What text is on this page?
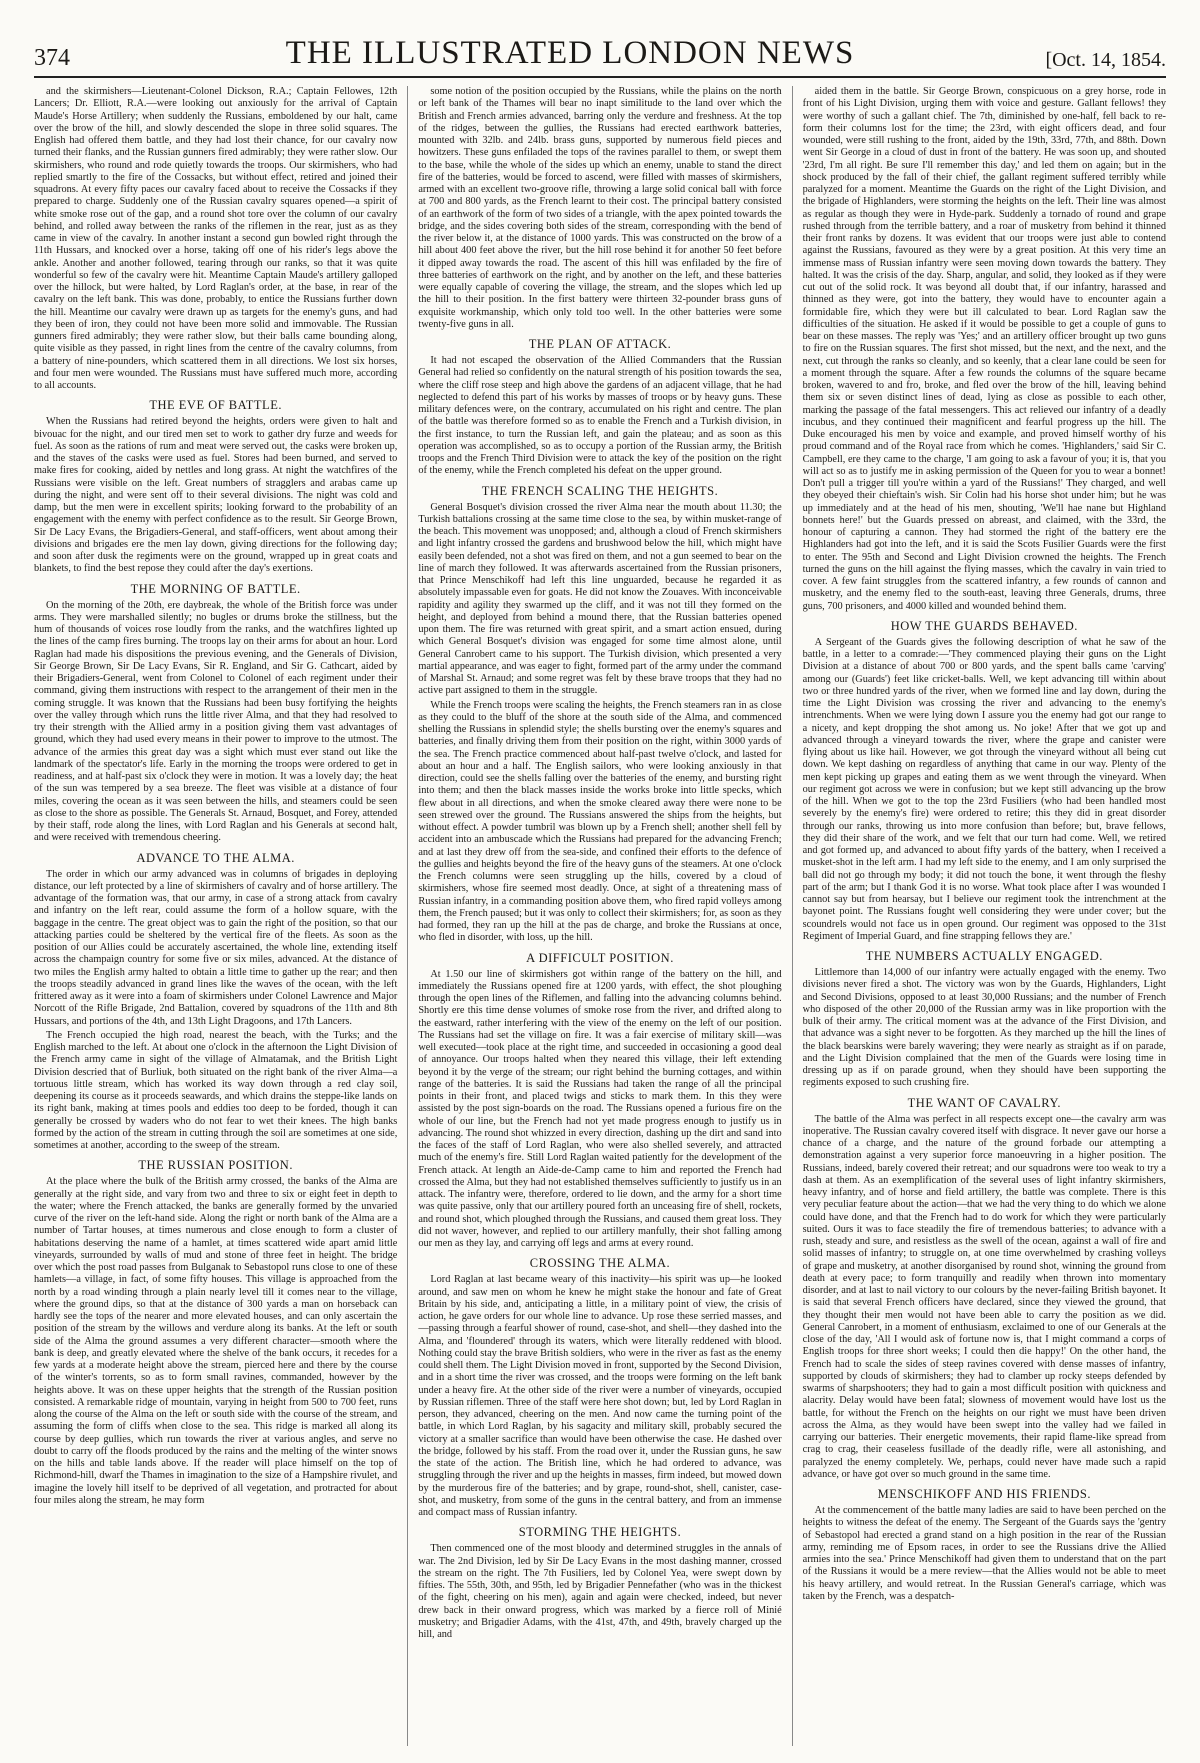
374	THE ILLUSTRATED LONDON NEWS	[Oct. 14, 1854.

and the skirmishers—Lieutenant-Colonel Dickson, R.A.; Captain Fellowes, 12th Lancers; Dr. Elliott, R.A.—were looking out anxiously for the arrival of Captain Maude's Horse Artillery; when suddenly the Russians, emboldened by our halt, came over the brow of the hill, and slowly descended the slope in three solid squares. The English had offered them battle, and they had lost their chance, for our cavalry now turned their flanks, and the Russian gunners fired admirably; they were rather slow. Our skirmishers, who round and rode quietly towards the troops. Our skirmishers, who had replied smartly to the fire of the Cossacks, but without effect, retired and joined their squadrons. At every fifty paces our cavalry faced about to receive the Cossacks if they prepared to charge. Suddenly one of the Russian cavalry squares opened—a spirit of white smoke rose out of the gap, and a round shot tore over the column of our cavalry behind, and rolled away between the ranks of the riflemen in the rear, just as as they came in view of the cavalry. In another instant a second gun bowled right through the 11th Hussars, and knocked over a horse, taking off one of his rider's legs above the ankle. Another and another followed, tearing through our ranks, so that it was quite wonderful so few of the cavalry were hit. Meantime Captain Maude's artillery galloped over the hillock, but were halted, by Lord Raglan's order, at the base, in rear of the cavalry on the left bank. This was done, probably, to entice the Russians further down the hill. Meantime our cavalry were drawn up as targets for the enemy's guns, and had they been of iron, they could not have been more solid and immovable. The Russian gunners fired admirably; they were rather slow, but their balls came bounding along, quite visible as they passed, in right lines from the centre of the cavalry columns, from a battery of nine-pounders, which scattered them in all directions. We lost six horses, and four men were wounded. The Russians must have suffered much more, according to all accounts.

THE EVE OF BATTLE.

When the Russians had retired beyond the heights, orders were given to halt and bivouac for the night, and our tired men set to work to gather dry furze and weeds for fuel. As soon as the rations of rum and meat were served out, the casks were broken up, and the staves of the casks were used as fuel. Stores had been burned, and served to make fires for cooking, aided by nettles and long grass. At night the watchfires of the Russians were visible on the left. Great numbers of stragglers and arabas came up during the night, and were sent off to their several divisions. The night was cold and damp, but the men were in excellent spirits; looking forward to the probability of an engagement with the enemy with perfect confidence as to the result. Sir George Brown, Sir De Lacy Evans, the Brigadiers-General, and staff-officers, went about among their divisions and brigades ere the men lay down, giving directions for the following day; and soon after dusk the regiments were on the ground, wrapped up in great coats and blankets, to find the best repose they could after the day's exertions.

THE MORNING OF BATTLE.

On the morning of the 20th, ere daybreak, the whole of the British force was under arms. They were marshalled silently; no bugles or drums broke the stillness, but the hum of thousands of voices rose loudly from the ranks, and the watchfires lighted up the lines of the camp fires burning. The troops lay on their arms for about an hour. Lord Raglan had made his dispositions the previous evening, and the Generals of Division, Sir George Brown, Sir De Lacy Evans, Sir R. England, and Sir G. Cathcart, aided by their Brigadiers-General, went from Colonel to Colonel of each regiment under their command, giving them instructions with respect to the arrangement of their men in the coming struggle. It was known that the Russians had been busy fortifying the heights over the valley through which runs the little river Alma, and that they had resolved to try their strength with the Allied army in a position giving them vast advantages of ground, which they had used every means in their power to improve to the utmost. The advance of the armies this great day was a sight which must ever stand out like the landmark of the spectator's life. Early in the morning the troops were ordered to get in readiness, and at half-past six o'clock they were in motion. It was a lovely day; the heat of the sun was tempered by a sea breeze. The fleet was visible at a distance of four miles, covering the ocean as it was seen between the hills, and steamers could be seen as close to the shore as possible. The Generals St. Arnaud, Bosquet, and Forey, attended by their staff, rode along the lines, with Lord Raglan and his Generals at second halt, and were received with tremendous cheering.

ADVANCE TO THE ALMA.

The order in which our army advanced was in columns of brigades in deploying distance, our left protected by a line of skirmishers of cavalry and of horse artillery. The advantage of the formation was, that our army, in case of a strong attack from cavalry and infantry on the left rear, could assume the form of a hollow square, with the baggage in the centre. The great object was to gain the right of the position, so that our attacking parties could be sheltered by the vertical fire of the fleets. As soon as the position of our Allies could be accurately ascertained, the whole line, extending itself across the champaign country for some five or six miles, advanced. At the distance of two miles the English army halted to obtain a little time to gather up the rear; and then the troops steadily advanced in grand lines like the waves of the ocean, with the left frittered away as it were into a foam of skirmishers under Colonel Lawrence and Major Norcott of the Rifle Brigade, 2nd Battalion, covered by squadrons of the 11th and 8th Hussars, and portions of the 4th, and 13th Light Dragoons, and 17th Lancers.

The French occupied the high road, nearest the beach, with the Turks; and the English marched to the left. At about one o'clock in the afternoon the Light Division of the French army came in sight of the village of Almatamak, and the British Light Division descried that of Burliuk, both situated on the right bank of the river Alma—a tortuous little stream, which has worked its way down through a red clay soil, deepening its course as it proceeds seawards, and which drains the steppe-like lands on its right bank, making at times pools and eddies too deep to be forded, though it can generally be crossed by waders who do not fear to wet their knees. The high banks formed by the action of the stream in cutting through the soil are sometimes at one side, sometimes at another, according to the sweep of the stream.

THE RUSSIAN POSITION.

At the place where the bulk of the British army crossed, the banks of the Alma are generally at the right side, and vary from two and three to six or eight feet in depth to the water; where the French attacked, the banks are generally formed by the unvaried curve of the river on the left-hand side. Along the right or north bank of the Alma are a number of Tartar houses, at times numerous and close enough to form a cluster of habitations deserving the name of a hamlet, at times scattered wide apart amid little vineyards, surrounded by walls of mud and stone of three feet in height. The bridge over which the post road passes from Bulganak to Sebastopol runs close to one of these hamlets—a village, in fact, of some fifty houses. This village is approached from the north by a road winding through a plain nearly level till it comes near to the village, where the ground dips, so that at the distance of 300 yards a man on horseback can hardly see the tops of the nearer and more elevated houses, and can only ascertain the position of the stream by the willows and verdure along its banks. At the left or south side of the Alma the ground assumes a very different character—smooth where the bank is deep, and greatly elevated where the shelve of the bank occurs, it recedes for a few yards at a moderate height above the stream, pierced here and there by the course of the winter's torrents, so as to form small ravines, commanded, however by the heights above. It was on these upper heights that the strength of the Russian position consisted. A remarkable ridge of mountain, varying in height from 500 to 700 feet, runs along the course of the Alma on the left or south side with the course of the stream, and assuming the form of cliffs when close to the sea. This ridge is marked all along its course by deep gullies, which run towards the river at various angles, and serve no doubt to carry off the floods produced by the rains and the melting of the winter snows on the hills and table lands above. If the reader will place himself on the top of Richmond-hill, dwarf the Thames in imagination to the size of a Hampshire rivulet, and imagine the lovely hill itself to be deprived of all vegetation, and protracted for about four miles along the stream, he may form

some notion of the position occupied by the Russians, while the plains on the north or left bank of the Thames will bear no inapt similitude to the land over which the British and French armies advanced, barring only the verdure and freshness. At the top of the ridges, between the gullies, the Russians had erected earthwork batteries, mounted with 32lb. and 24lb. brass guns, supported by numerous field pieces and howitzers. These guns enfiladed the tops of the ravines parallel to them, or swept them to the base, while the whole of the sides up which an enemy, unable to stand the direct fire of the batteries, would be forced to ascend, were filled with masses of skirmishers, armed with an excellent two-groove rifle, throwing a large solid conical ball with force at 700 and 800 yards, as the French learnt to their cost. The principal battery consisted of an earthwork of the form of two sides of a triangle, with the apex pointed towards the bridge, and the sides covering both sides of the stream, corresponding with the bend of the river below it, at the distance of 1000 yards. This was constructed on the brow of a hill about 400 feet above the river, but the hill rose behind it for another 50 feet before it dipped away towards the road. The ascent of this hill was enfiladed by the fire of three batteries of earthwork on the right, and by another on the left, and these batteries were equally capable of covering the village, the stream, and the slopes which led up the hill to their position. In the first battery were thirteen 32-pounder brass guns of exquisite workmanship, which only told too well. In the other batteries were some twenty-five guns in all.

THE PLAN OF ATTACK.

It had not escaped the observation of the Allied Commanders that the Russian General had relied so confidently on the natural strength of his position towards the sea, where the cliff rose steep and high above the gardens of an adjacent village, that he had neglected to defend this part of his works by masses of troops or by heavy guns. These military defences were, on the contrary, accumulated on his right and centre. The plan of the battle was therefore formed so as to enable the French and a Turkish division, in the first instance, to turn the Russian left, and gain the plateau; and as soon as this operation was accomplished, so as to occupy a portion of the Russian army, the British troops and the French Third Division were to attack the key of the position on the right of the enemy, while the French completed his defeat on the upper ground.

THE FRENCH SCALING THE HEIGHTS.

General Bosquet's division crossed the river Alma near the mouth about 11.30; the Turkish battalions crossing at the same time close to the sea, by within musket-range of the beach. This movement was unopposed; and, although a cloud of French skirmishers and light infantry crossed the gardens and brushwood below the hill, which might have easily been defended, not a shot was fired on them, and not a gun seemed to bear on the line of march they followed. It was afterwards ascertained from the Russian prisoners, that Prince Menschikoff had left this line unguarded, because he regarded it as absolutely impassable even for goats. He did not know the Zouaves. With inconceivable rapidity and agility they swarmed up the cliff, and it was not till they formed on the height, and deployed from behind a mound there, that the Russian batteries opened upon them. The fire was returned with great spirit, and a smart action ensued, during which General Bosquet's division was engaged for some time almost alone, until General Canrobert came to his support. The Turkish division, which presented a very martial appearance, and was eager to fight, formed part of the army under the command of Marshal St. Arnaud; and some regret was felt by these brave troops that they had no active part assigned to them in the struggle.

While the French troops were scaling the heights, the French steamers ran in as close as they could to the bluff of the shore at the south side of the Alma, and commenced shelling the Russians in splendid style; the shells bursting over the enemy's squares and batteries, and finally driving them from their position on the right, within 3000 yards of the sea. The French practice commenced about half-past twelve o'clock, and lasted for about an hour and a half. The English sailors, who were looking anxiously in that direction, could see the shells falling over the batteries of the enemy, and bursting right into them; and then the black masses inside the works broke into little specks, which flew about in all directions, and when the smoke cleared away there were none to be seen strewed over the ground. The Russians answered the ships from the heights, but without effect. A powder tumbril was blown up by a French shell; another shell fell by accident into an ambuscade which the Russians had prepared for the advancing French; and at last they drew off from the sea-side, and confined their efforts to the defence of the gullies and heights beyond the fire of the heavy guns of the steamers. At one o'clock the French columns were seen struggling up the hills, covered by a cloud of skirmishers, whose fire seemed most deadly. Once, at sight of a threatening mass of Russian infantry, in a commanding position above them, who fired rapid volleys among them, the French paused; but it was only to collect their skirmishers; for, as soon as they had formed, they ran up the hill at the pas de charge, and broke the Russians at once, who fled in disorder, with loss, up the hill.

A DIFFICULT POSITION.

At 1.50 our line of skirmishers got within range of the battery on the hill, and immediately the Russians opened fire at 1200 yards, with effect, the shot ploughing through the open lines of the Riflemen, and falling into the advancing columns behind. Shortly ere this time dense volumes of smoke rose from the river, and drifted along to the eastward, rather interfering with the view of the enemy on the left of our position. The Russians had set the village on fire. It was a fair exercise of military skill—was well executed—took place at the right time, and succeeded in occasioning a good deal of annoyance. Our troops halted when they neared this village, their left extending beyond it by the verge of the stream; our right behind the burning cottages, and within range of the batteries. It is said the Russians had taken the range of all the principal points in their front, and placed twigs and sticks to mark them. In this they were assisted by the post sign-boards on the road. The Russians opened a furious fire on the whole of our line, but the French had not yet made progress enough to justify us in advancing. The round shot whizzed in every direction, dashing up the dirt and sand into the faces of the staff of Lord Raglan, who were also shelled severely, and attracted much of the enemy's fire. Still Lord Raglan waited patiently for the development of the French attack. At length an Aide-de-Camp came to him and reported the French had crossed the Alma, but they had not established themselves sufficiently to justify us in an attack. The infantry were, therefore, ordered to lie down, and the army for a short time was quite passive, only that our artillery poured forth an unceasing fire of shell, rockets, and round shot, which ploughed through the Russians, and caused them great loss. They did not waver, however, and replied to our artillery manfully, their shot falling among our men as they lay, and carrying off legs and arms at every round.

CROSSING THE ALMA.

Lord Raglan at last became weary of this inactivity—his spirit was up—he looked around, and saw men on whom he knew he might stake the honour and fate of Great Britain by his side, and, anticipating a little, in a military point of view, the crisis of action, he gave orders for our whole line to advance. Up rose these serried masses, and—passing through a fearful shower of round, case-shot, and shell—they dashed into the Alma, and 'floundered' through its waters, which were literally reddened with blood. Nothing could stay the brave British soldiers, who were in the river as fast as the enemy could shell them. The Light Division moved in front, supported by the Second Division, and in a short time the river was crossed, and the troops were forming on the left bank under a heavy fire. At the other side of the river were a number of vineyards, occupied by Russian riflemen. Three of the staff were here shot down; but, led by Lord Raglan in person, they advanced, cheering on the men. And now came the turning point of the battle, in which Lord Raglan, by his sagacity and military skill, probably secured the victory at a smaller sacrifice than would have been otherwise the case. He dashed over the bridge, followed by his staff. From the road over it, under the Russian guns, he saw the state of the action. The British line, which he had ordered to advance, was struggling through the river and up the heights in masses, firm indeed, but mowed down by the murderous fire of the batteries; and by grape, round-shot, shell, canister, case-shot, and musketry, from some of the guns in the central battery, and from an immense and compact mass of Russian infantry.

STORMING THE HEIGHTS.

Then commenced one of the most bloody and determined struggles in the annals of war. The 2nd Division, led by Sir De Lacy Evans in the most dashing manner, crossed the stream on the right. The 7th Fusiliers, led by Colonel Yea, were swept down by fifties. The 55th, 30th, and 95th, led by Brigadier Pennefather (who was in the thickest of the fight, cheering on his men), again and again were checked, indeed, but never drew back in their onward progress, which was marked by a fierce roll of Minié musketry; and Brigadier Adams, with the 41st, 47th, and 49th, bravely charged up the hill, and

aided them in the battle. Sir George Brown, conspicuous on a grey horse, rode in front of his Light Division, urging them with voice and gesture. Gallant fellows! they were worthy of such a gallant chief. The 7th, diminished by one-half, fell back to re-form their columns lost for the time; the 23rd, with eight officers dead, and four wounded, were still rushing to the front, aided by the 19th, 33rd, 77th, and 88th. Down went Sir George in a cloud of dust in front of the battery. He was soon up, and shouted '23rd, I'm all right. Be sure I'll remember this day,' and led them on again; but in the shock produced by the fall of their chief, the gallant regiment suffered terribly while paralyzed for a moment. Meantime the Guards on the right of the Light Division, and the brigade of Highlanders, were storming the heights on the left. Their line was almost as regular as though they were in Hyde-park. Suddenly a tornado of round and grape rushed through from the terrible battery, and a roar of musketry from behind it thinned their front ranks by dozens. It was evident that our troops were just able to contend against the Russians, favoured as they were by a great position. At this very time an immense mass of Russian infantry were seen moving down towards the battery. They halted. It was the crisis of the day. Sharp, angular, and solid, they looked as if they were cut out of the solid rock. It was beyond all doubt that, if our infantry, harassed and thinned as they were, got into the battery, they would have to encounter again a formidable fire, which they were but ill calculated to bear. Lord Raglan saw the difficulties of the situation. He asked if it would be possible to get a couple of guns to bear on these masses. The reply was 'Yes;' and an artillery officer brought up two guns to fire on the Russian squares. The first shot missed, but the next, and the next, and the next, cut through the ranks so cleanly, and so keenly, that a clear lane could be seen for a moment through the square. After a few rounds the columns of the square became broken, wavered to and fro, broke, and fled over the brow of the hill, leaving behind them six or seven distinct lines of dead, lying as close as possible to each other, marking the passage of the fatal messengers. This act relieved our infantry of a deadly incubus, and they continued their magnificent and fearful progress up the hill. The Duke encouraged his men by voice and example, and proved himself worthy of his proud command and of the Royal race from which he comes. 'Highlanders,' said Sir C. Campbell, ere they came to the charge, 'I am going to ask a favour of you; it is, that you will act so as to justify me in asking permission of the Queen for you to wear a bonnet! Don't pull a trigger till you're within a yard of the Russians!' They charged, and well they obeyed their chieftain's wish. Sir Colin had his horse shot under him; but he was up immediately and at the head of his men, shouting, 'We'll hae nane but Highland bonnets here!' but the Guards pressed on abreast, and claimed, with the 33rd, the honour of capturing a cannon. They had stormed the right of the battery ere the Highlanders had got into the left, and it is said the Scots Fusilier Guards were the first to enter. The 95th and Second and Light Division crowned the heights. The French turned the guns on the hill against the flying masses, which the cavalry in vain tried to cover. A few faint struggles from the scattered infantry, a few rounds of cannon and musketry, and the enemy fled to the south-east, leaving three Generals, drums, three guns, 700 prisoners, and 4000 killed and wounded behind them.

HOW THE GUARDS BEHAVED.

A Sergeant of the Guards gives the following description of what he saw of the battle, in a letter to a comrade:—'They commenced playing their guns on the Light Division at a distance of about 700 or 800 yards, and the spent balls came 'carving' among our (Guards') feet like cricket-balls. Well, we kept advancing till within about two or three hundred yards of the river, when we formed line and lay down, during the time the Light Division was crossing the river and advancing to the enemy's intrenchments. When we were lying down I assure you the enemy had got our range to a nicety, and kept dropping the shot among us. No joke! After that we got up and advanced through a vineyard towards the river, where the grape and canister were flying about us like hail. However, we got through the vineyard without all being cut down. We kept dashing on regardless of anything that came in our way. Plenty of the men kept picking up grapes and eating them as we went through the vineyard. When our regiment got across we were in confusion; but we kept still advancing up the brow of the hill. When we got to the top the 23rd Fusiliers (who had been handled most severely by the enemy's fire) were ordered to retire; this they did in great disorder through our ranks, throwing us into more confusion than before; but, brave fellows, they did their share of the work, and we felt that our turn had come. Well, we retired and got formed up, and advanced to about fifty yards of the battery, when I received a musket-shot in the left arm. I had my left side to the enemy, and I am only surprised the ball did not go through my body; it did not touch the bone, it went through the fleshy part of the arm; but I thank God it is no worse. What took place after I was wounded I cannot say but from hearsay, but I believe our regiment took the intrenchment at the bayonet point. The Russians fought well considering they were under cover; but the scoundrels would not face us in open ground. Our regiment was opposed to the 31st Regiment of Imperial Guard, and fine strapping fellows they are.'

THE NUMBERS ACTUALLY ENGAGED.

Littlemore than 14,000 of our infantry were actually engaged with the enemy. Two divisions never fired a shot. The victory was won by the Guards, Highlanders, Light and Second Divisions, opposed to at least 30,000 Russians; and the number of French who disposed of the other 20,000 of the Russian army was in like proportion with the bulk of their army. The critical moment was at the advance of the First Division, and that advance was a sight never to be forgotten. As they marched up the hill the lines of the black bearskins were barely wavering; they were nearly as straight as if on parade, and the Light Division complained that the men of the Guards were losing time in dressing up as if on parade ground, when they should have been supporting the regiments exposed to such crushing fire.

THE WANT OF CAVALRY.

The battle of the Alma was perfect in all respects except one—the cavalry arm was inoperative. The Russian cavalry covered itself with disgrace. It never gave our horse a chance of a charge, and the nature of the ground forbade our attempting a demonstration against a very superior force manoeuvring in a higher position. The Russians, indeed, barely covered their retreat; and our squadrons were too weak to try a dash at them. As an exemplification of the several uses of light infantry skirmishers, heavy infantry, and of horse and field artillery, the battle was complete. There is this very peculiar feature about the action—that we had the very thing to do which we alone could have done, and that the French had to do work for which they were particularly suited. Ours it was to face steadily the fire of tremendous batteries; to advance with a rush, steady and sure, and resistless as the swell of the ocean, against a wall of fire and solid masses of infantry; to struggle on, at one time overwhelmed by crashing volleys of grape and musketry, at another disorganised by round shot, winning the ground from death at every pace; to form tranquilly and readily when thrown into momentary disorder, and at last to nail victory to our colours by the never-failing British bayonet. It is said that several French officers have declared, since they viewed the ground, that they thought their men would not have been able to carry the position as we did. General Canrobert, in a moment of enthusiasm, exclaimed to one of our Generals at the close of the day, 'All I would ask of fortune now is, that I might command a corps of English troops for three short weeks; I could then die happy!' On the other hand, the French had to scale the sides of steep ravines covered with dense masses of infantry, supported by clouds of skirmishers; they had to clamber up rocky steeps defended by swarms of sharpshooters; they had to gain a most difficult position with quickness and alacrity. Delay would have been fatal; slowness of movement would have lost us the battle, for without the French on the heights on our right we must have been driven across the Alma, as they would have been swept into the valley had we failed in carrying our batteries. Their energetic movements, their rapid flame-like spread from crag to crag, their ceaseless fusillade of the deadly rifle, were all astonishing, and paralyzed the enemy completely. We, perhaps, could never have made such a rapid advance, or have got over so much ground in the same time.

MENSCHIKOFF AND HIS FRIENDS.

At the commencement of the battle many ladies are said to have been perched on the heights to witness the defeat of the enemy. The Sergeant of the Guards says the 'gentry of Sebastopol had erected a grand stand on a high position in the rear of the Russian army, reminding me of Epsom races, in order to see the Russians drive the Allied armies into the sea.' Prince Menschikoff had given them to understand that on the part of the Russians it would be a mere review—that the Allies would not be able to meet his heavy artillery, and would retreat. In the Russian General's carriage, which was taken by the French, was a despatch-
